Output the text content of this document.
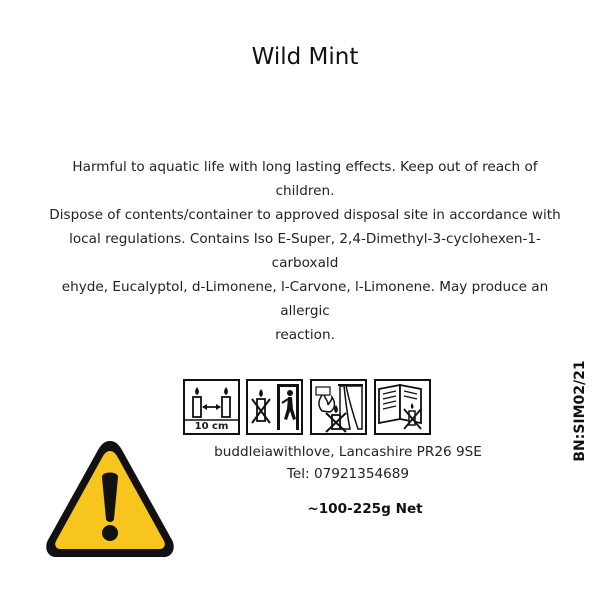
Wild Mint
Harmful to aquatic life with long lasting effects. Keep out of reach of children.
Dispose of contents/container to approved disposal site in accordance with
local regulations. Contains Iso E-Super, 2,4-Dimethyl-3-cyclohexen-1-carboxald
ehyde, Eucalyptol, d-Limonene, l-Carvone, l-Limonene. May produce an allergic
reaction.
10 cm
buddleiawithlove, Lancashire PR26 9SE
Tel: 07921354689
~100-225g Net
BN:SIM02/21
